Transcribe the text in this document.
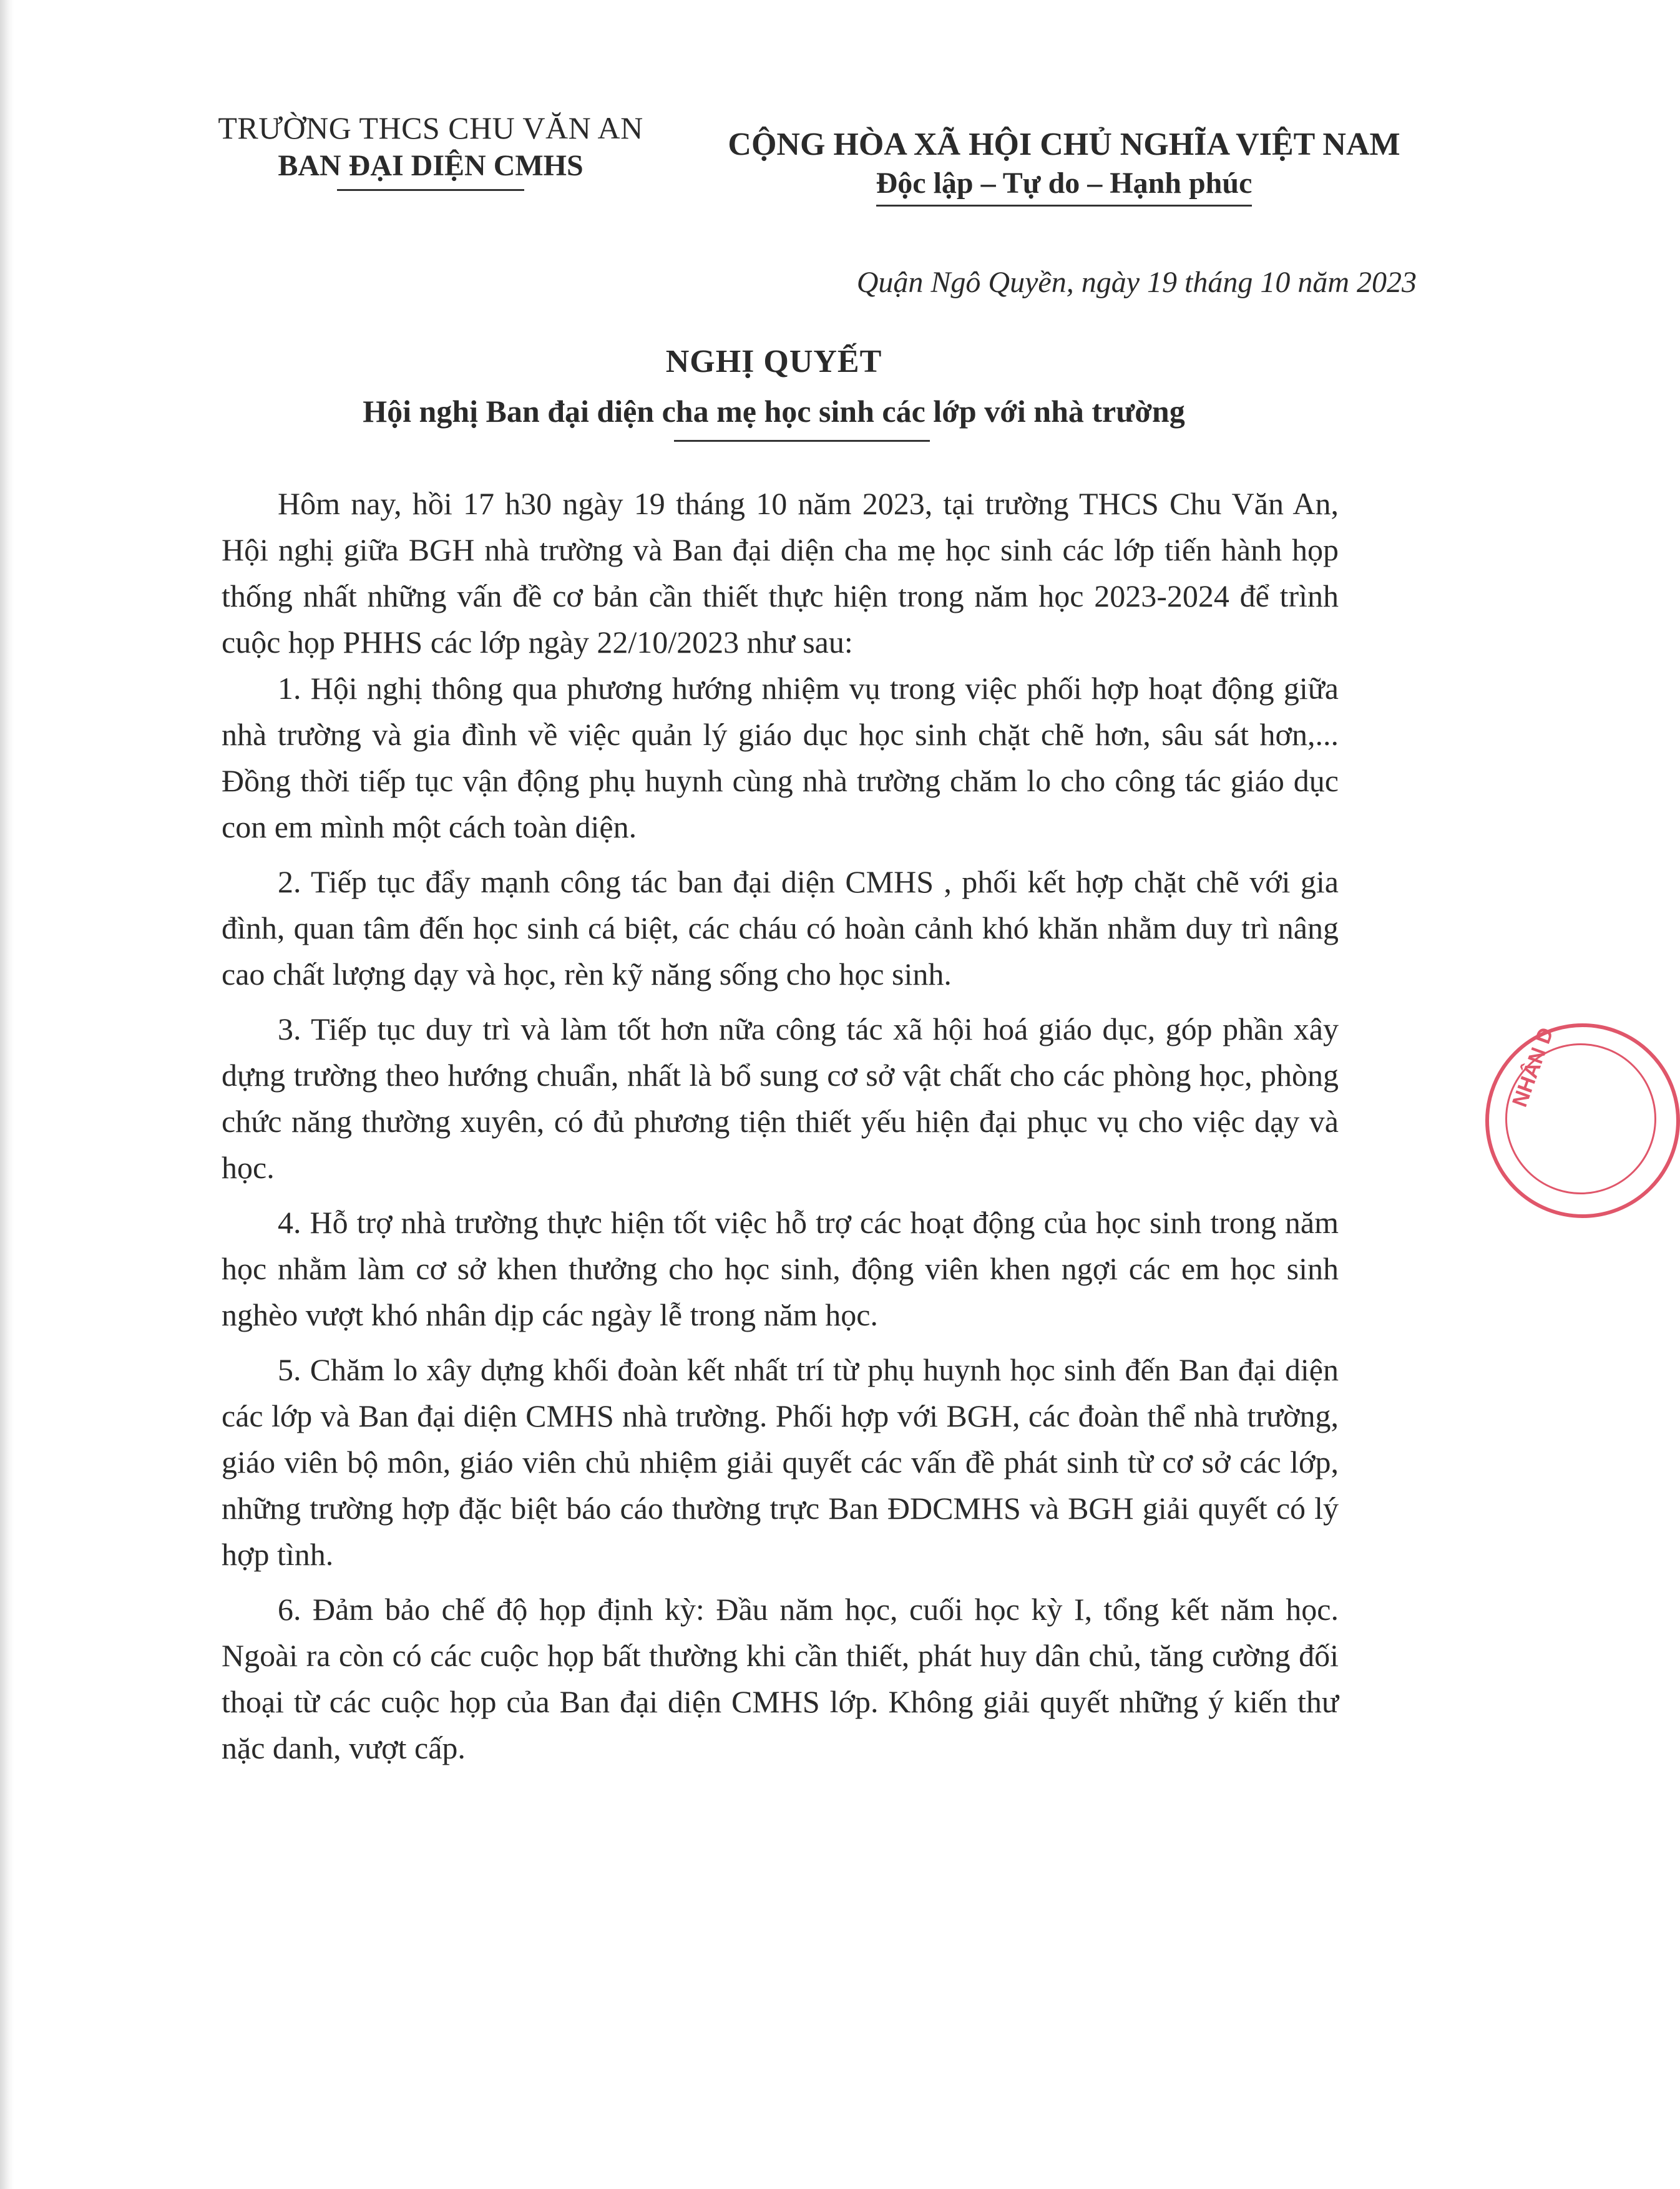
TRƯỜNG THCS CHU VĂN AN
BAN ĐẠI DIỆN CMHS
CỘNG HÒA XÃ HỘI CHỦ NGHĨA VIỆT NAM
Độc lập – Tự do – Hạnh phúc
Quận Ngô Quyền, ngày 19 tháng 10 năm 2023
NGHỊ QUYẾT
Hội nghị Ban đại diện cha mẹ học sinh các lớp với nhà trường

Hôm nay, hồi 17 h30 ngày 19 tháng 10 năm 2023, tại trường THCS Chu Văn An, Hội nghị giữa BGH nhà trường và Ban đại diện cha mẹ học sinh các lớp tiến hành họp thống nhất những vấn đề cơ bản cần thiết thực hiện trong năm học 2023-2024 để trình cuộc họp PHHS các lớp ngày 22/10/2023 như sau:

1. Hội nghị thông qua phương hướng nhiệm vụ trong việc phối hợp hoạt động giữa nhà trường và gia đình về việc quản lý giáo dục học sinh chặt chẽ hơn, sâu sát hơn,... Đồng thời tiếp tục vận động phụ huynh cùng nhà trường chăm lo cho công tác giáo dục con em mình một cách toàn diện.

2. Tiếp tục đẩy mạnh công tác ban đại diện CMHS , phối kết hợp chặt chẽ với gia đình, quan tâm đến học sinh cá biệt, các cháu có hoàn cảnh khó khăn nhằm duy trì nâng cao chất lượng dạy và học, rèn kỹ năng sống cho học sinh.

3. Tiếp tục duy trì và làm tốt hơn nữa công tác xã hội hoá giáo dục, góp phần xây dựng trường theo hướng chuẩn, nhất là bổ sung cơ sở vật chất cho các phòng học, phòng chức năng thường xuyên, có đủ phương tiện thiết yếu hiện đại phục vụ cho việc dạy và học.

4. Hỗ trợ nhà trường thực hiện tốt việc hỗ trợ các hoạt động của học sinh trong năm học nhằm làm cơ sở khen thưởng cho học sinh, động viên khen ngợi các em học sinh nghèo vượt khó nhân dịp các ngày lễ trong năm học.

5. Chăm lo xây dựng khối đoàn kết nhất trí từ phụ huynh học sinh đến Ban đại diện các lớp và Ban đại diện CMHS nhà trường. Phối hợp với BGH, các đoàn thể nhà trường, giáo viên bộ môn, giáo viên chủ nhiệm giải quyết các vấn đề phát sinh từ cơ sở các lớp, những trường hợp đặc biệt báo cáo thường trực Ban ĐDCMHS và BGH giải quyết có lý hợp tình.

6. Đảm bảo chế độ họp định kỳ: Đầu năm học, cuối học kỳ I, tổng kết năm học. Ngoài ra còn có các cuộc họp bất thường khi cần thiết, phát huy dân chủ, tăng cường đối thoại từ các cuộc họp của Ban đại diện CMHS lớp. Không giải quyết những ý kiến thư nặc danh, vượt cấp.

NHÂN D
